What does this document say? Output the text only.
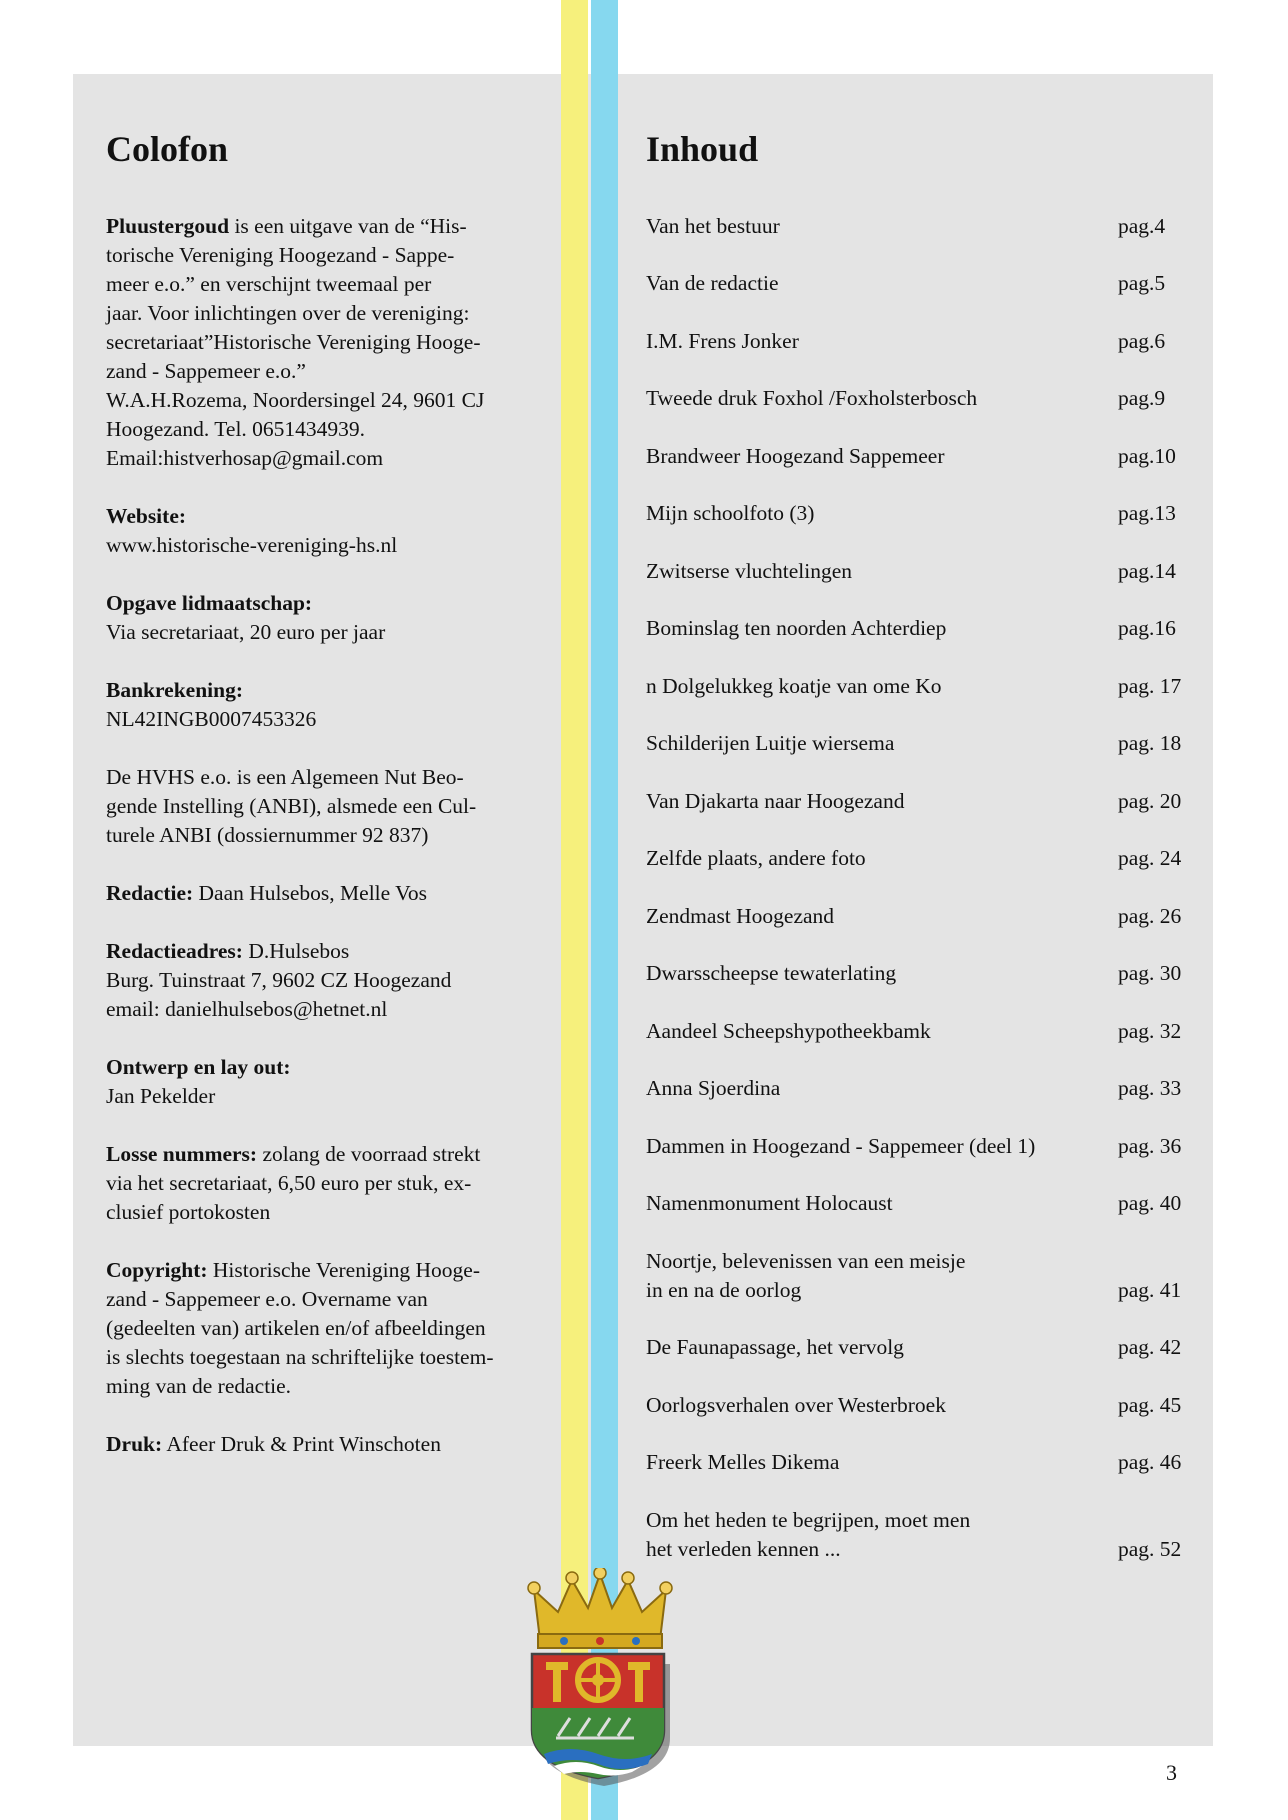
Colofon
Pluustergoud is een uitgave van de “His-
torische Vereniging Hoogezand - Sappe-
meer e.o.” en verschijnt tweemaal per
jaar. Voor inlichtingen over de vereniging:
secretariaat”Historische Vereniging Hooge-
zand - Sappemeer e.o.”
W.A.H.Rozema, Noordersingel 24, 9601 CJ
Hoogezand. Tel. 0651434939.
Email:histverhosap@gmail.com
Website:
www.historische-vereniging-hs.nl
Opgave lidmaatschap:
Via secretariaat, 20 euro per jaar
Bankrekening:
NL42INGB0007453326
De HVHS e.o. is een Algemeen Nut Beo-
gende Instelling (ANBI), alsmede een Cul-
turele ANBI (dossiernummer 92 837)
Redactie: Daan Hulsebos, Melle Vos
Redactieadres: D.Hulsebos
Burg. Tuinstraat 7, 9602 CZ Hoogezand
email: danielhulsebos@hetnet.nl
Ontwerp en lay out:
Jan Pekelder
Losse nummers: zolang de voorraad strekt
via het secretariaat, 6,50 euro per stuk, ex-
clusief portokosten
Copyright: Historische Vereniging Hooge-
zand - Sappemeer e.o. Overname van
(gedeelten van) artikelen en/of afbeeldingen
is slechts toegestaan na schriftelijke toestem-
ming van de redactie.
Druk: Afeer Druk & Print Winschoten
Inhoud
Van het bestuur	pag.4
Van de redactie	pag.5
I.M. Frens Jonker	pag.6
Tweede druk Foxhol /Foxholsterbosch	pag.9
Brandweer Hoogezand Sappemeer	pag.10
Mijn schoolfoto (3)	pag.13
Zwitserse vluchtelingen	pag.14
Bominslag ten noorden Achterdiep	pag.16
n Dolgelukkeg koatje van ome Ko	pag. 17
Schilderijen Luitje wiersema	pag. 18
Van Djakarta naar Hoogezand	pag. 20
Zelfde plaats, andere foto	pag. 24
Zendmast Hoogezand	pag. 26
Dwarsscheepse tewaterlating	pag. 30
Aandeel Scheepshypotheekbamk	pag. 32
Anna Sjoerdina	pag. 33
Dammen in Hoogezand - Sappemeer (deel 1)	pag. 36
Namenmonument Holocaust	pag. 40
Noortje, belevenissen van een meisje
in en na de oorlog	pag. 41
De Faunapassage, het vervolg	pag. 42
Oorlogsverhalen over Westerbroek	pag. 45
Freerk Melles Dikema	pag. 46
Om het heden te begrijpen, moet men
het verleden kennen ...	pag. 52
3
